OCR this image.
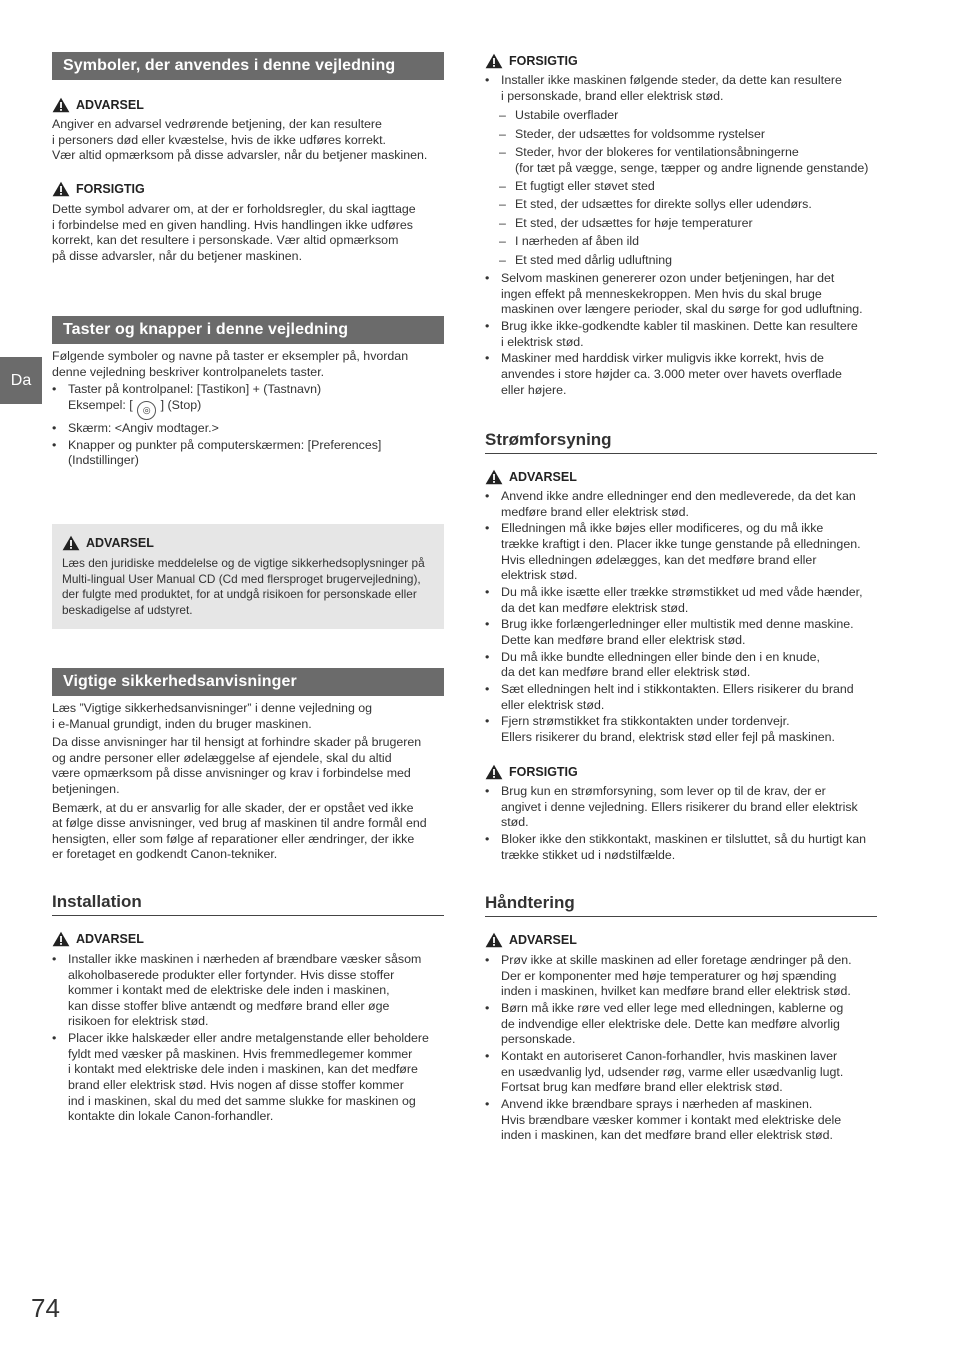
Da
Symboler, der anvendes i denne vejledning
ADVARSEL
Angiver en advarsel vedrørende betjening, der kan resultere
i personers død eller kvæstelse, hvis de ikke udføres korrekt.
Vær altid opmærksom på disse advarsler, når du betjener maskinen.
FORSIGTIG
Dette symbol advarer om, at der er forholdsregler, du skal iagttage
i forbindelse med en given handling. Hvis handlingen ikke udføres
korrekt, kan det resultere i personskade. Vær altid opmærksom
på disse advarsler, når du betjener maskinen.
Taster og knapper i denne vejledning

Følgende symboler og navne på taster er eksempler på, hvordan
denne vejledning beskriver kontrolpanelets taster.

• Taster på kontrolpanel: [Tastikon] + (Tastnavn)
Eksempel: [ ◎ ] (Stop)
• Skærm: <Angiv modtager.>
• Knapper og punkter på computerskærmen: [Preferences]
(Indstillinger)
ADVARSEL
Læs den juridiske meddelelse og de vigtige sikkerhedsoplysninger på
Multi-lingual User Manual CD (Cd med flersproget brugervejledning),
der fulgte med produktet, for at undgå risikoen for personskade eller
beskadigelse af udstyret.
Vigtige sikkerhedsanvisninger

Læs ”Vigtige sikkerhedsanvisninger” i denne vejledning og
i e-Manual grundigt, inden du bruger maskinen.

Da disse anvisninger har til hensigt at forhindre skader på brugeren
og andre personer eller ødelæggelse af ejendele, skal du altid
være opmærksom på disse anvisninger og krav i forbindelse med
betjeningen.

Bemærk, at du er ansvarlig for alle skader, der er opstået ved ikke
at følge disse anvisninger, ved brug af maskinen til andre formål end
hensigten, eller som følge af reparationer eller ændringer, der ikke
er foretaget en godkendt Canon-tekniker.

Installation
ADVARSEL
• Installer ikke maskinen i nærheden af brændbare væsker såsom
alkoholbaserede produkter eller fortynder. Hvis disse stoffer
kommer i kontakt med de elektriske dele inden i maskinen,
kan disse stoffer blive antændt og medføre brand eller øge
risikoen for elektrisk stød.
• Placer ikke halskæder eller andre metalgenstande eller beholdere
fyldt med væsker på maskinen. Hvis fremmedlegemer kommer
i kontakt med elektriske dele inden i maskinen, kan det medføre
brand eller elektrisk stød. Hvis nogen af disse stoffer kommer
ind i maskinen, skal du med det samme slukke for maskinen og
kontakte din lokale Canon-forhandler.
FORSIGTIG
• Installer ikke maskinen følgende steder, da dette kan resultere
i personskade, brand eller elektrisk stød.
– Ustabile overflader
– Steder, der udsættes for voldsomme rystelser
– Steder, hvor der blokeres for ventilationsåbningerne
(for tæt på vægge, senge, tæpper og andre lignende genstande)
– Et fugtigt eller støvet sted
– Et sted, der udsættes for direkte sollys eller udendørs.
– Et sted, der udsættes for høje temperaturer
– I nærheden af åben ild
– Et sted med dårlig udluftning
• Selvom maskinen genererer ozon under betjeningen, har det
ingen effekt på menneskekroppen. Men hvis du skal bruge
maskinen over længere perioder, skal du sørge for god udluftning.
• Brug ikke ikke-godkendte kabler til maskinen. Dette kan resultere
i elektrisk stød.
• Maskiner med harddisk virker muligvis ikke korrekt, hvis de
anvendes i store højder ca. 3.000 meter over havets overflade
eller højere.
Strømforsyning
ADVARSEL
• Anvend ikke andre elledninger end den medleverede, da det kan
medføre brand eller elektrisk stød.
• Elledningen må ikke bøjes eller modificeres, og du må ikke
trække kraftigt i den. Placer ikke tunge genstande på elledningen.
Hvis elledningen ødelægges, kan det medføre brand eller
elektrisk stød.
• Du må ikke isætte eller trække strømstikket ud med våde hænder,
da det kan medføre elektrisk stød.
• Brug ikke forlængerledninger eller multistik med denne maskine.
Dette kan medføre brand eller elektrisk stød.
• Du må ikke bundte elledningen eller binde den i en knude,
da det kan medføre brand eller elektrisk stød.
• Sæt elledningen helt ind i stikkontakten. Ellers risikerer du brand
eller elektrisk stød.
• Fjern strømstikket fra stikkontakten under tordenvejr.
Ellers risikerer du brand, elektrisk stød eller fejl på maskinen.
FORSIGTIG
• Brug kun en strømforsyning, som lever op til de krav, der er
angivet i denne vejledning. Ellers risikerer du brand eller elektrisk
stød.
• Bloker ikke den stikkontakt, maskinen er tilsluttet, så du hurtigt kan
trække stikket ud i nødstilfælde.
Håndtering
ADVARSEL
• Prøv ikke at skille maskinen ad eller foretage ændringer på den.
Der er komponenter med høje temperaturer og høj spænding
inden i maskinen, hvilket kan medføre brand eller elektrisk stød.
• Børn må ikke røre ved eller lege med elledningen, kablerne og
de indvendige eller elektriske dele. Dette kan medføre alvorlig
personskade.
• Kontakt en autoriseret Canon-forhandler, hvis maskinen laver
en usædvanlig lyd, udsender røg, varme eller usædvanlig lugt.
Fortsat brug kan medføre brand eller elektrisk stød.
• Anvend ikke brændbare sprays i nærheden af maskinen.
Hvis brændbare væsker kommer i kontakt med elektriske dele
inden i maskinen, kan det medføre brand eller elektrisk stød.
74
